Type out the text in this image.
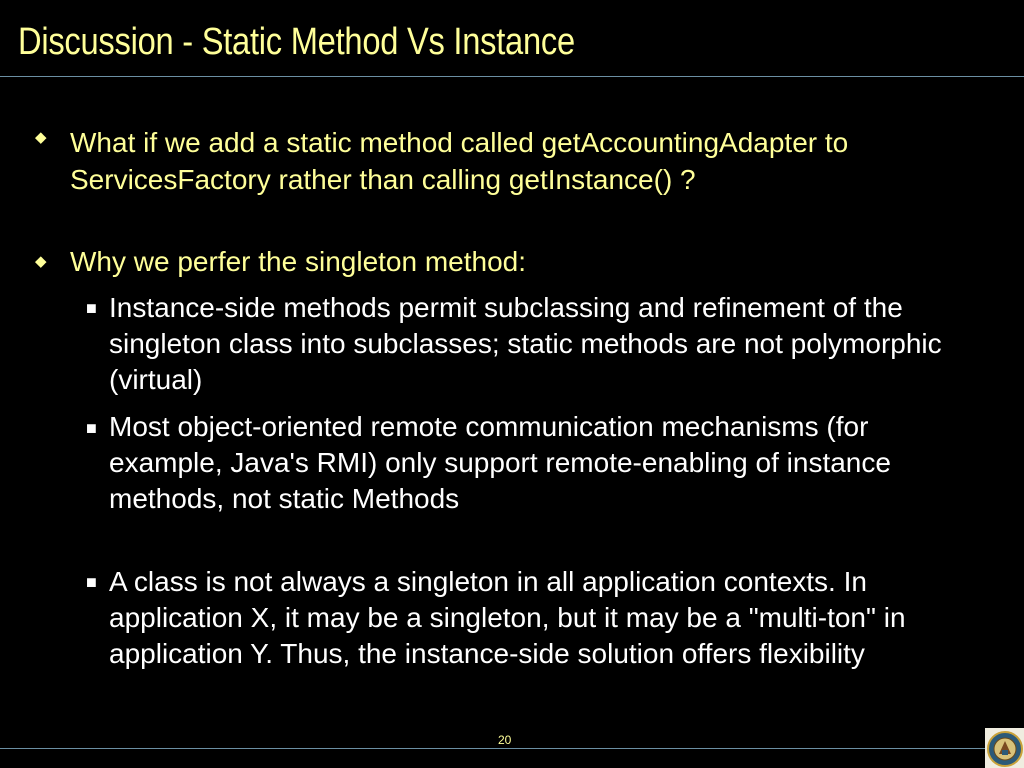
Discussion - Static Method Vs Instance
◆ What if we add a static method called getAccountingAdapter to ServicesFactory rather than calling getInstance() ?
◆ Why we perfer the singleton method:
■ Instance-side methods permit subclassing and refinement of the singleton class into subclasses; static methods are not polymorphic (virtual)
■ Most object-oriented remote communication mechanisms (for example, Java's RMI) only support remote-enabling of instance methods, not static Methods
■ A class is not always a singleton in all application contexts. In application X, it may be a singleton, but it may be a "multi-ton" in application Y. Thus, the instance-side solution offers flexibility
20
